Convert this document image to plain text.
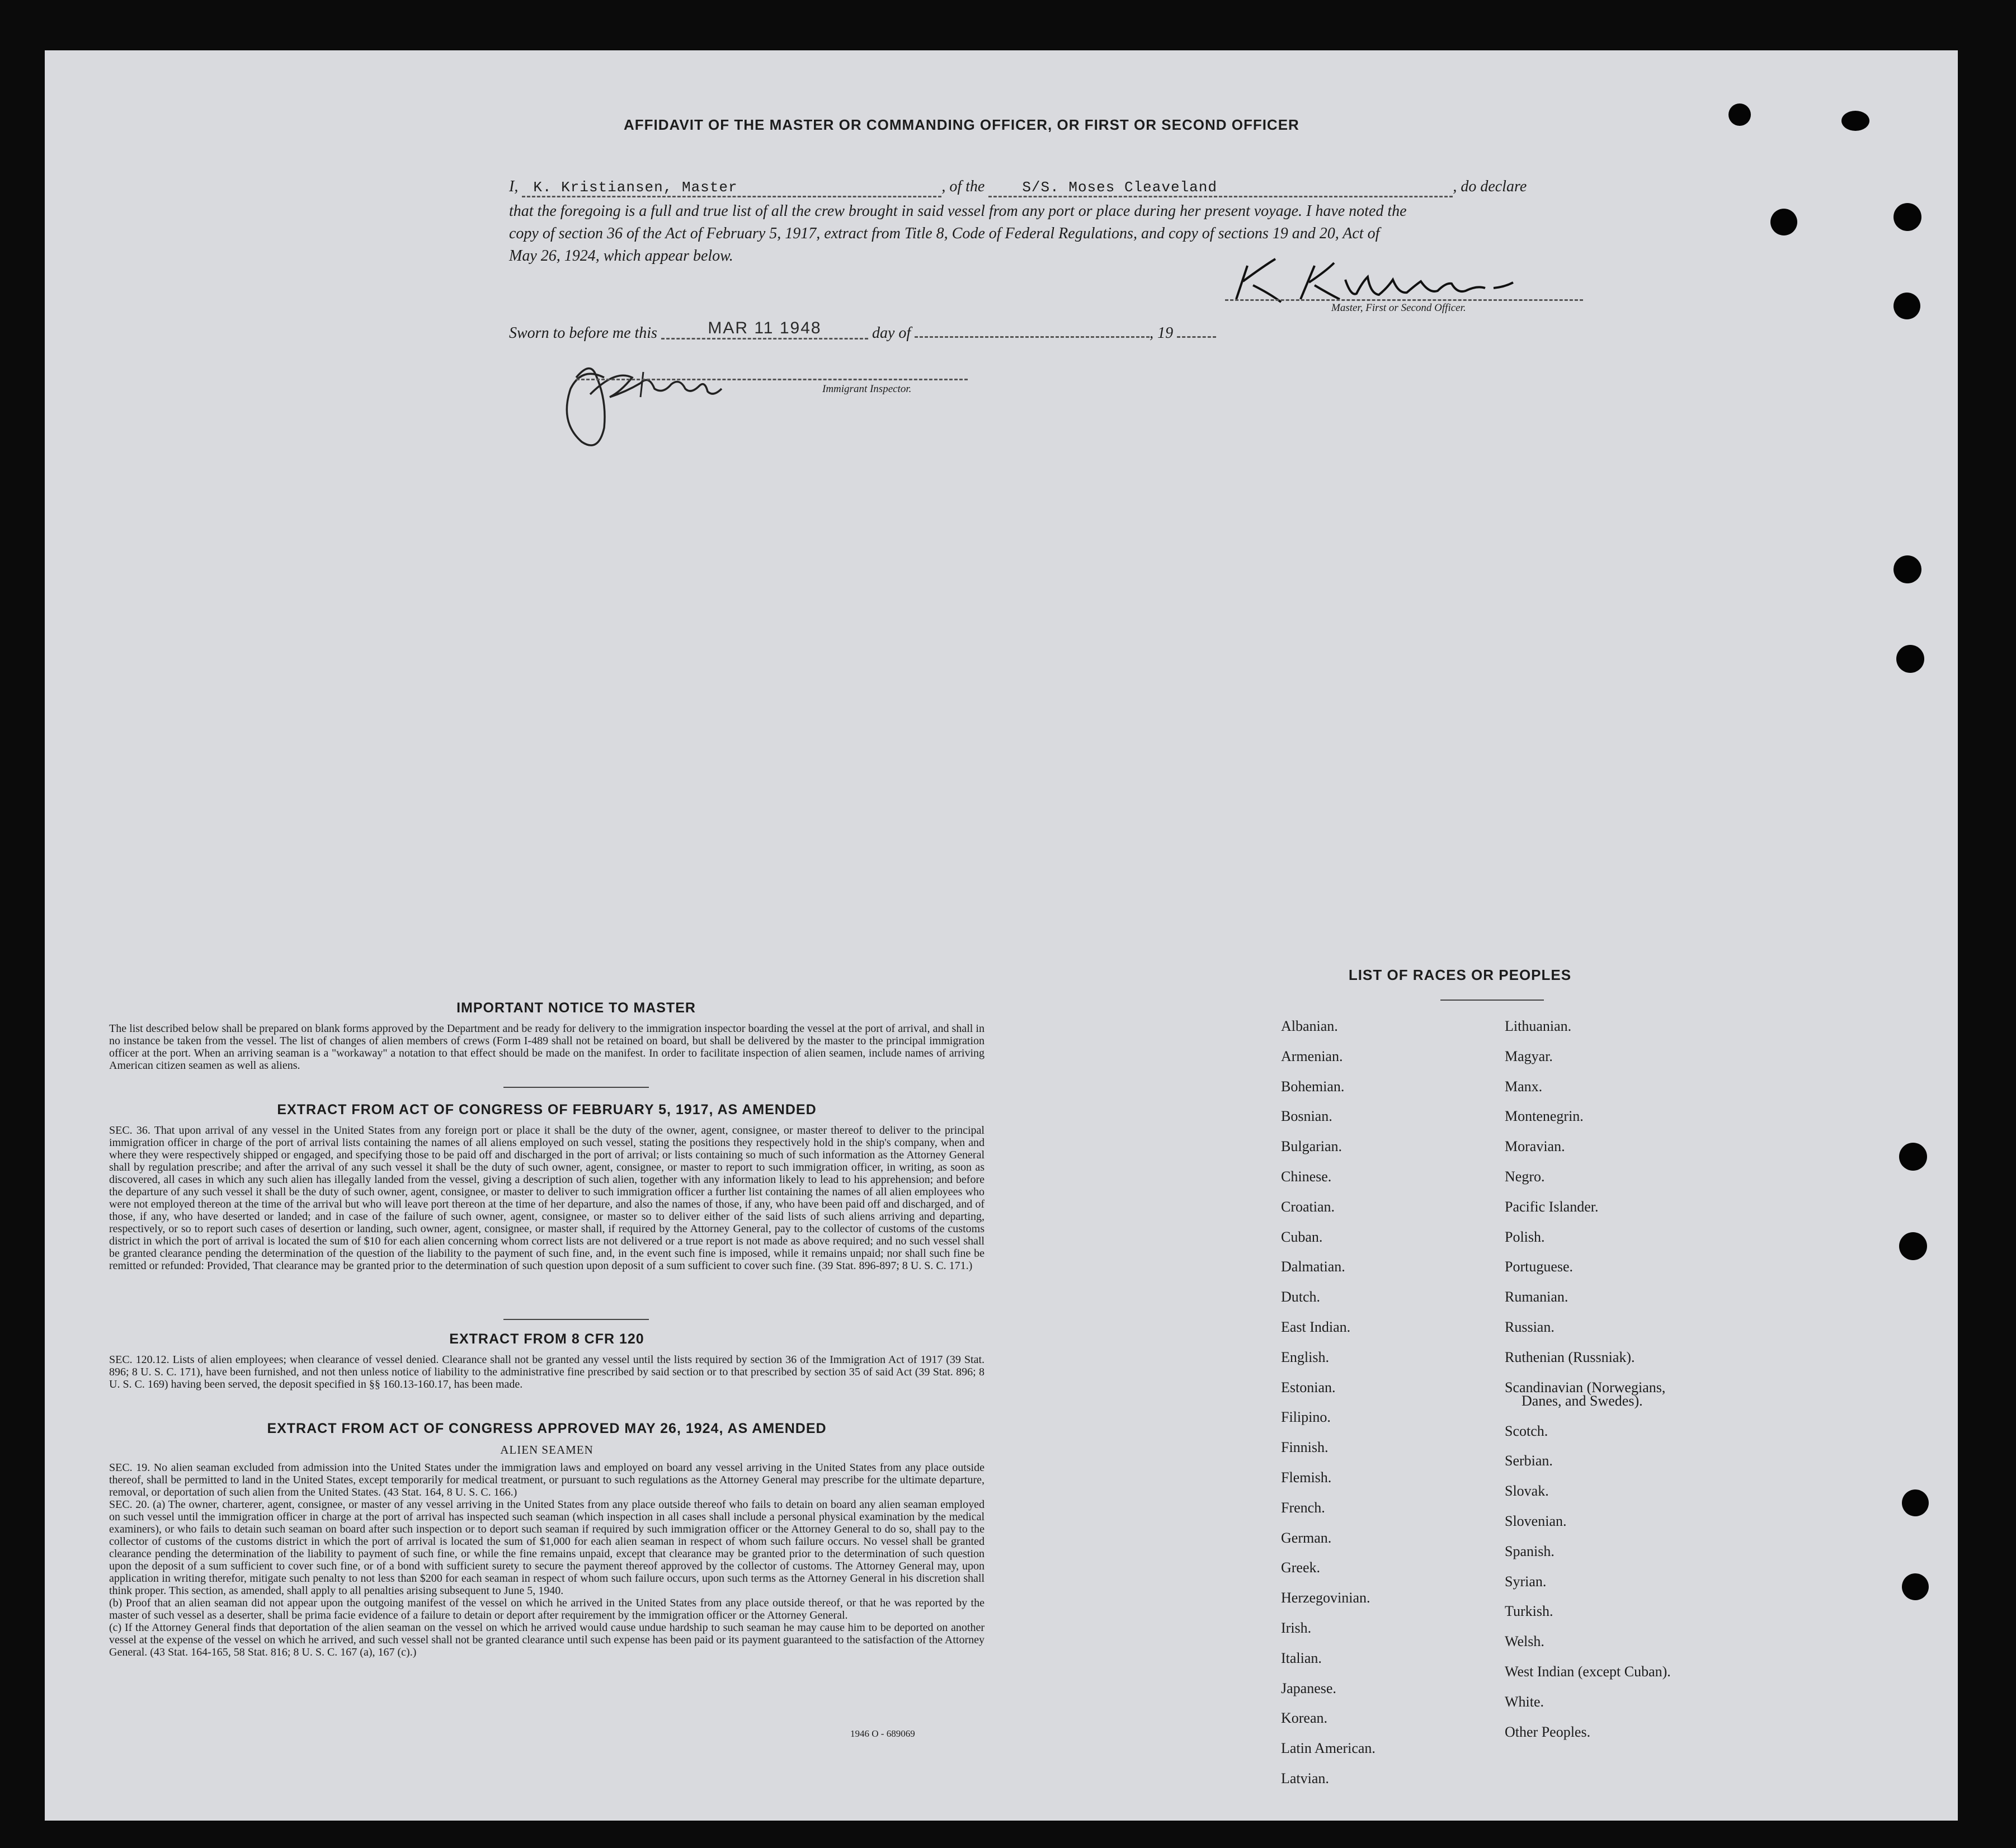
AFFIDAVIT OF THE MASTER OR COMMANDING OFFICER, OR FIRST OR SECOND OFFICER
I, K. Kristiansen, Master	, of the	S/S. Moses Cleaveland	, do declare
that the foregoing is a full and true list of all the crew brought in said vessel from any port or place during her present voyage. I have noted the
copy of section 36 of the Act of February 5, 1917, extract from Title 8, Code of Federal Regulations, and copy of sections 19 and 20, Act of
May 26, 1924, which appear below.
Master, First or Second Officer.
Sworn to before me this	MAR 11 1948	day of	, 19
Immigrant Inspector.
IMPORTANT NOTICE TO MASTER
The list described below shall be prepared on blank forms approved by the Department and be ready for delivery to the immigration inspector boarding the vessel at the port of arrival, and shall in no instance be taken from the vessel. The list of changes of alien members of crews (Form I-489 shall not be retained on board, but shall be delivered by the master to the principal immigration officer at the port. When an arriving seaman is a "workaway" a notation to that effect should be made on the manifest. In order to facilitate inspection of alien seamen, include names of arriving American citizen seamen as well as aliens.
EXTRACT FROM ACT OF CONGRESS OF FEBRUARY 5, 1917, AS AMENDED
SEC. 36. That upon arrival of any vessel in the United States from any foreign port or place it shall be the duty of the owner, agent, consignee, or master thereof to deliver to the principal immigration officer in charge of the port of arrival lists containing the names of all aliens employed on such vessel, stating the positions they respectively hold in the ship's company, when and where they were respectively shipped or engaged, and specifying those to be paid off and discharged in the port of arrival; or lists containing so much of such information as the Attorney General shall by regulation prescribe; and after the arrival of any such vessel it shall be the duty of such owner, agent, consignee, or master to report to such immigration officer, in writing, as soon as discovered, all cases in which any such alien has illegally landed from the vessel, giving a description of such alien, together with any information likely to lead to his apprehension; and before the departure of any such vessel it shall be the duty of such owner, agent, consignee, or master to deliver to such immigration officer a further list containing the names of all alien employees who were not employed thereon at the time of the arrival but who will leave port thereon at the time of her departure, and also the names of those, if any, who have been paid off and discharged, and of those, if any, who have deserted or landed; and in case of the failure of such owner, agent, consignee, or master so to deliver either of the said lists of such aliens arriving and departing, respectively, or so to report such cases of desertion or landing, such owner, agent, consignee, or master shall, if required by the Attorney General, pay to the collector of customs of the customs district in which the port of arrival is located the sum of $10 for each alien concerning whom correct lists are not delivered or a true report is not made as above required; and no such vessel shall be granted clearance pending the determination of the question of the liability to the payment of such fine, and, in the event such fine is imposed, while it remains unpaid; nor shall such fine be remitted or refunded: Provided, That clearance may be granted prior to the determination of such question upon deposit of a sum sufficient to cover such fine. (39 Stat. 896-897; 8 U. S. C. 171.)
EXTRACT FROM 8 CFR 120
SEC. 120.12. Lists of alien employees; when clearance of vessel denied. Clearance shall not be granted any vessel until the lists required by section 36 of the Immigration Act of 1917 (39 Stat. 896; 8 U. S. C. 171), have been furnished, and not then unless notice of liability to the administrative fine prescribed by said section or to that prescribed by section 35 of said Act (39 Stat. 896; 8 U. S. C. 169) having been served, the deposit specified in §§ 160.13-160.17, has been made.
EXTRACT FROM ACT OF CONGRESS APPROVED MAY 26, 1924, AS AMENDED
ALIEN SEAMEN
SEC. 19. No alien seaman excluded from admission into the United States under the immigration laws and employed on board any vessel arriving in the United States from any place outside thereof, shall be permitted to land in the United States, except temporarily for medical treatment, or pursuant to such regulations as the Attorney General may prescribe for the ultimate departure, removal, or deportation of such alien from the United States. (43 Stat. 164, 8 U. S. C. 166.)
SEC. 20. (a) The owner, charterer, agent, consignee, or master of any vessel arriving in the United States from any place outside thereof who fails to detain on board any alien seaman employed on such vessel until the immigration officer in charge at the port of arrival has inspected such seaman (which inspection in all cases shall include a personal physical examination by the medical examiners), or who fails to detain such seaman on board after such inspection or to deport such seaman if required by such immigration officer or the Attorney General to do so, shall pay to the collector of customs of the customs district in which the port of arrival is located the sum of $1,000 for each alien seaman in respect of whom such failure occurs. No vessel shall be granted clearance pending the determination of the liability to payment of such fine, or while the fine remains unpaid, except that clearance may be granted prior to the determination of such question upon the deposit of a sum sufficient to cover such fine, or of a bond with sufficient surety to secure the payment thereof approved by the collector of customs. The Attorney General may, upon application in writing therefor, mitigate such penalty to not less than $200 for each seaman in respect of whom such failure occurs, upon such terms as the Attorney General in his discretion shall think proper. This section, as amended, shall apply to all penalties arising subsequent to June 5, 1940.
(b) Proof that an alien seaman did not appear upon the outgoing manifest of the vessel on which he arrived in the United States from any place outside thereof, or that he was reported by the master of such vessel as a deserter, shall be prima facie evidence of a failure to detain or deport after requirement by the immigration officer or the Attorney General.
(c) If the Attorney General finds that deportation of the alien seaman on the vessel on which he arrived would cause undue hardship to such seaman he may cause him to be deported on another vessel at the expense of the vessel on which he arrived, and such vessel shall not be granted clearance until such expense has been paid or its payment guaranteed to the satisfaction of the Attorney General. (43 Stat. 164-165, 58 Stat. 816; 8 U. S. C. 167 (a), 167 (c).)
1946 O - 689069
LIST OF RACES OR PEOPLES
Albanian.
Armenian.
Bohemian.
Bosnian.
Bulgarian.
Chinese.
Croatian.
Cuban.
Dalmatian.
Dutch.
East Indian.
English.
Estonian.
Filipino.
Finnish.
Flemish.
French.
German.
Greek.
Herzegovinian.
Irish.
Italian.
Japanese.
Korean.
Latin American.
Latvian.
Lithuanian.
Magyar.
Manx.
Montenegrin.
Moravian.
Negro.
Pacific Islander.
Polish.
Portuguese.
Rumanian.
Russian.
Ruthenian (Russniak).
Scandinavian (Norwegians,
Danes, and Swedes).
Scotch.
Serbian.
Slovak.
Slovenian.
Spanish.
Syrian.
Turkish.
Welsh.
West Indian (except Cuban).
White.
Other Peoples.
